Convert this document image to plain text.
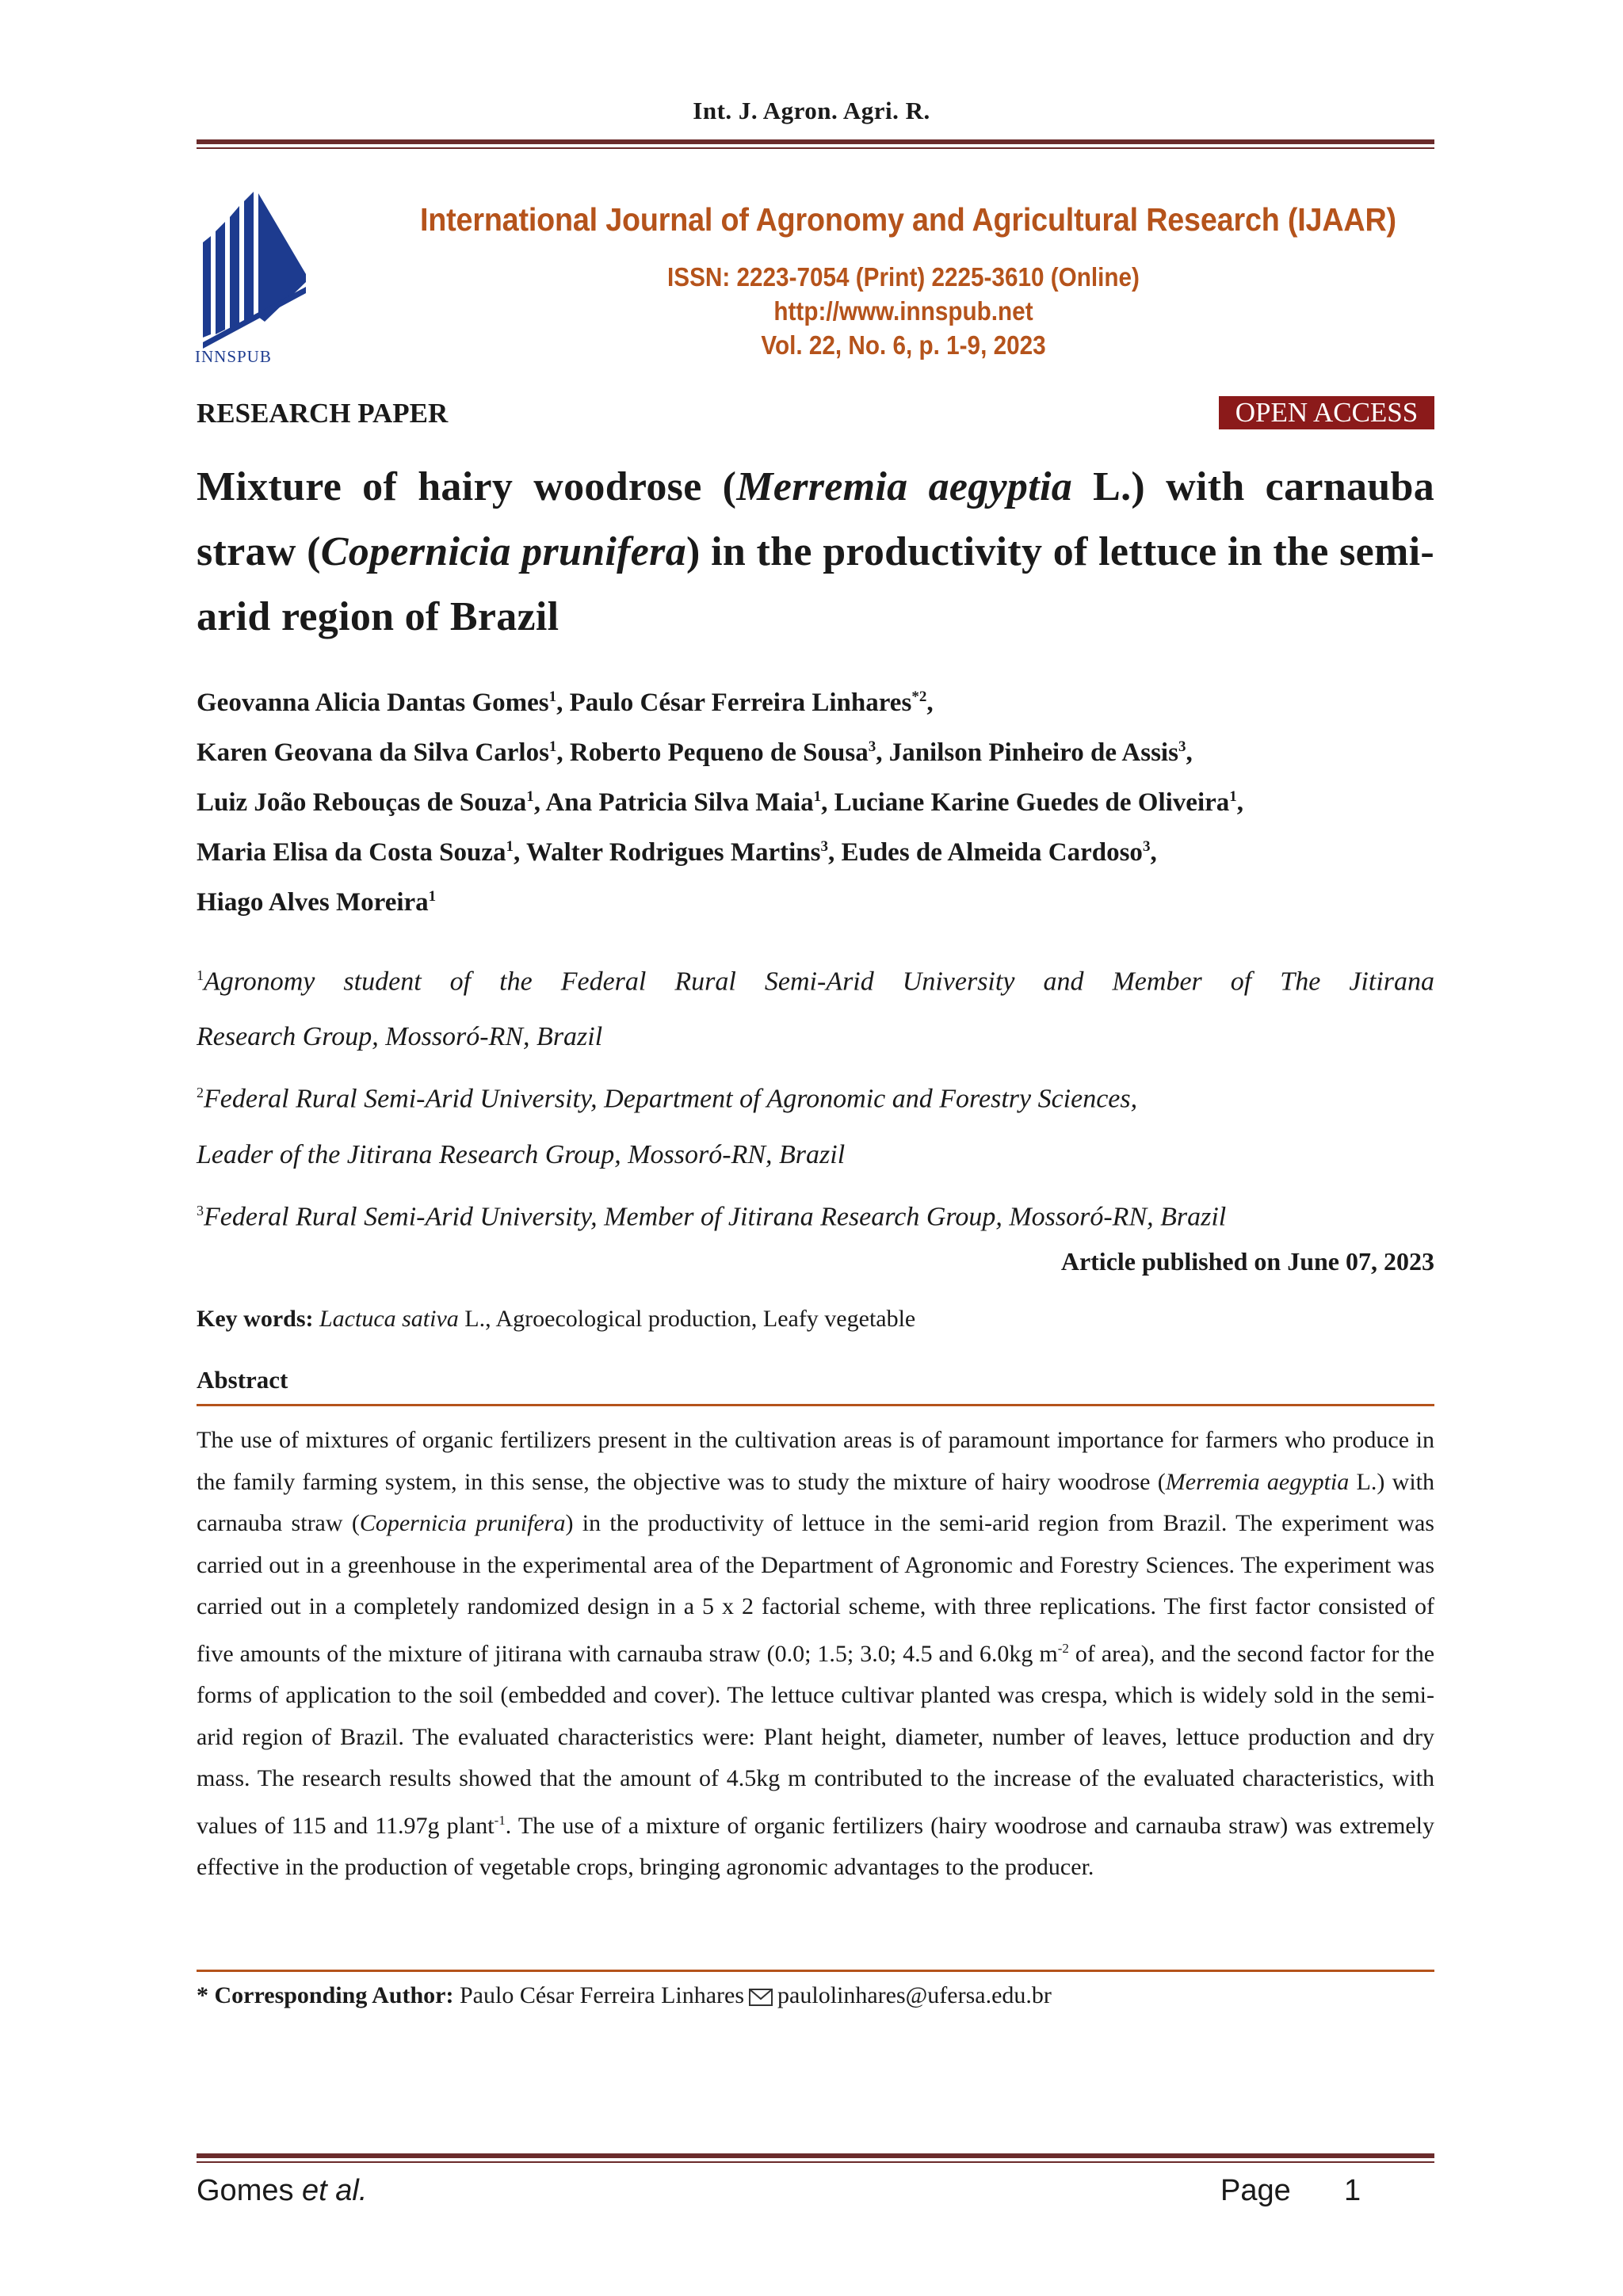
Int. J. Agron. Agri. R.
INNSPUB
International Journal of Agronomy and Agricultural Research (IJAAR)
ISSN: 2223-7054 (Print) 2225-3610 (Online)
http://www.innspub.net
Vol. 22, No. 6, p. 1-9, 2023
RESEARCH PAPER	OPEN ACCESS
Mixture of hairy woodrose (Merremia aegyptia L.) with carnauba straw (Copernicia prunifera) in the productivity of lettuce in the semi-arid region of Brazil
Geovanna Alicia Dantas Gomes$^1$, Paulo César Ferreira Linhares$^{*2}$,
Karen Geovana da Silva Carlos$^1$, Roberto Pequeno de Sousa$^3$, Janilson Pinheiro de Assis$^3$,
Luiz João Rebouças de Souza$^1$, Ana Patricia Silva Maia$^1$, Luciane Karine Guedes de Oliveira$^1$,
Maria Elisa da Costa Souza$^1$, Walter Rodrigues Martins$^3$, Eudes de Almeida Cardoso$^3$,
Hiago Alves Moreira$^1$
$^1$Agronomy student of the Federal Rural Semi-Arid University and Member of The Jitirana
Research Group, Mossoró-RN, Brazil
$^2$Federal Rural Semi-Arid University, Department of Agronomic and Forestry Sciences,
Leader of the Jitirana Research Group, Mossoró-RN, Brazil
$^3$Federal Rural Semi-Arid University, Member of Jitirana Research Group, Mossoró-RN, Brazil
Article published on June 07, 2023
Key words: Lactuca sativa L., Agroecological production, Leafy vegetable
Abstract
The use of mixtures of organic fertilizers present in the cultivation areas is of paramount importance for farmers who produce in the family farming system, in this sense, the objective was to study the mixture of hairy woodrose (Merremia aegyptia L.) with carnauba straw (Copernicia prunifera) in the productivity of lettuce in the semi-arid region from Brazil. The experiment was carried out in a greenhouse in the experimental area of the Department of Agronomic and Forestry Sciences. The experiment was carried out in a completely randomized design in a 5 x 2 factorial scheme, with three replications. The first factor consisted of five amounts of the mixture of jitirana with carnauba straw (0.0; 1.5; 3.0; 4.5 and 6.0kg $m^{-2}$ of area), and the second factor for the forms of application to the soil (embedded and cover). The lettuce cultivar planted was crespa, which is widely sold in the semi-arid region of Brazil. The evaluated characteristics were: Plant height, diameter, number of leaves, lettuce production and dry mass. The research results showed that the amount of 4.5kg m contributed to the increase of the evaluated characteristics, with values of 115 and 11.97g plant$^{-1}$. The use of a mixture of organic fertilizers (hairy woodrose and carnauba straw) was extremely effective in the production of vegetable crops, bringing agronomic advantages to the producer.
* Corresponding Author: Paulo César Ferreira Linhares paulolinhares@ufersa.edu.br
Gomes et al.	Page 1
